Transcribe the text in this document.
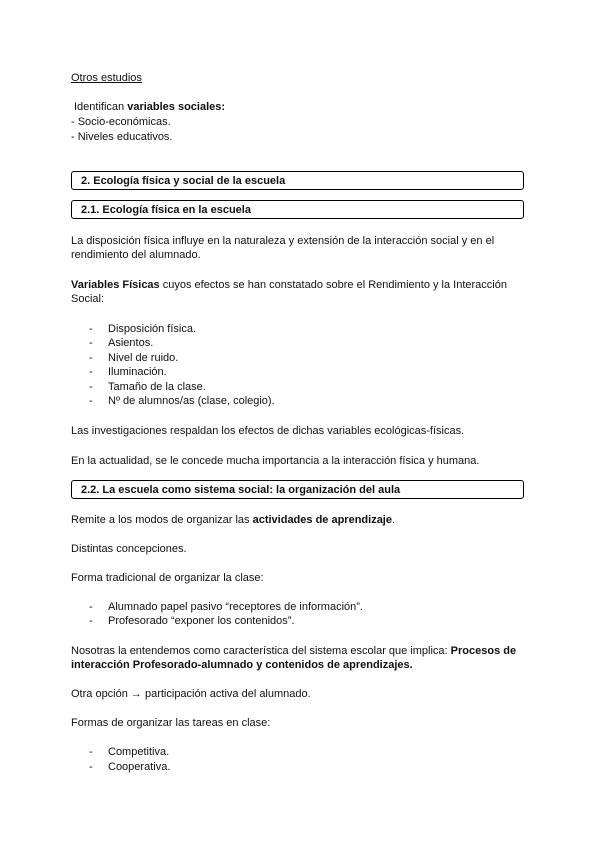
Otros estudios
Identifican variables sociales:
- Socio-económicas.
- Niveles educativos.
2. Ecología física y social de la escuela
2.1. Ecología física en la escuela
La disposición física influye en la naturaleza y extensión de la interacción social y en el
rendimiento del alumnado.
Variables Físicas cuyos efectos se han constatado sobre el Rendimiento y la Interacción
Social:
- Disposición física.
- Asientos.
- Nivel de ruido.
- Iluminación.
- Tamaño de la clase.
- Nº de alumnos/as (clase, colegio).
Las investigaciones respaldan los efectos de dichas variables ecológicas-físicas.
En la actualidad, se le concede mucha importancia a la interacción física y humana.
2.2. La escuela como sistema social: la organización del aula
Remite a los modos de organizar las actividades de aprendizaje.
Distintas concepciones.
Forma tradicional de organizar la clase:
- Alumnado papel pasivo “receptores de información”.
- Profesorado “exponer los contenidos”.
Nosotras la entendemos como característica del sistema escolar que implica: Procesos de
interacción Profesorado-alumnado y contenidos de aprendizajes.
Otra opción → participación activa del alumnado.
Formas de organizar las tareas en clase:
- Competitiva.
- Cooperativa.
